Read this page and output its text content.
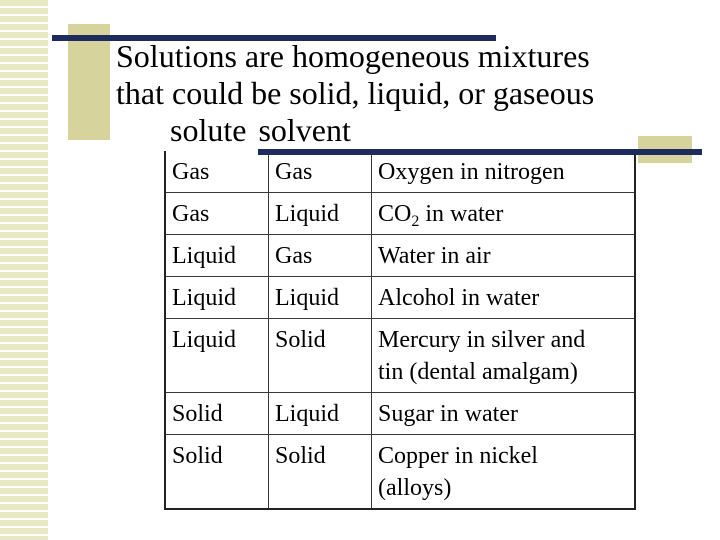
Solutions are homogeneous mixtures
that could be solid, liquid, or gaseous
solute solvent
Gas	Gas	Oxygen in nitrogen
Gas	Liquid	$CO_2$ in water
Liquid	Gas	Water in air
Liquid	Liquid	Alcohol in water
Liquid	Solid	Mercury in silver and
tin (dental amalgam)
Solid	Liquid	Sugar in water
Solid	Solid	Copper in nickel
(alloys)
